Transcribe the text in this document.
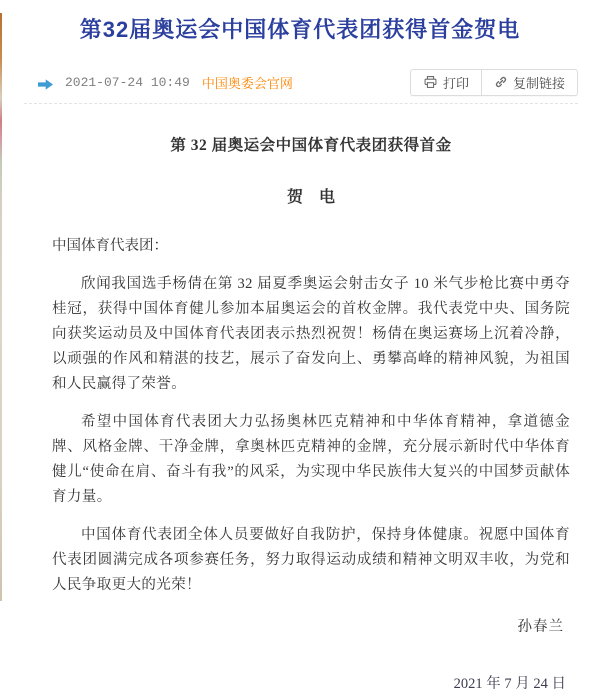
第32届奥运会中国体育代表团获得首金贺电
2021-07-24 10:49 中国奥委会官网	打印	复制链接
第 32 届奥运会中国体育代表团获得首金
贺　电

中国体育代表团：

欣闻我国选手杨倩在第 32 届夏季奥运会射击女子 10 米气步枪比赛中勇夺桂冠，获得中国体育健儿参加本届奥运会的首枚金牌。我代表党中央、国务院向获奖运动员及中国体育代表团表示热烈祝贺！杨倩在奥运赛场上沉着冷静，以顽强的作风和精湛的技艺，展示了奋发向上、勇攀高峰的精神风貌，为祖国和人民赢得了荣誉。

希望中国体育代表团大力弘扬奥林匹克精神和中华体育精神，拿道德金牌、风格金牌、干净金牌，拿奥林匹克精神的金牌，充分展示新时代中华体育健儿“使命在肩、奋斗有我”的风采，为实现中华民族伟大复兴的中国梦贡献体育力量。

中国体育代表团全体人员要做好自我防护，保持身体健康。祝愿中国体育代表团圆满完成各项参赛任务，努力取得运动成绩和精神文明双丰收，为党和人民争取更大的光荣！

孙春兰

2021 年 7 月 24 日
